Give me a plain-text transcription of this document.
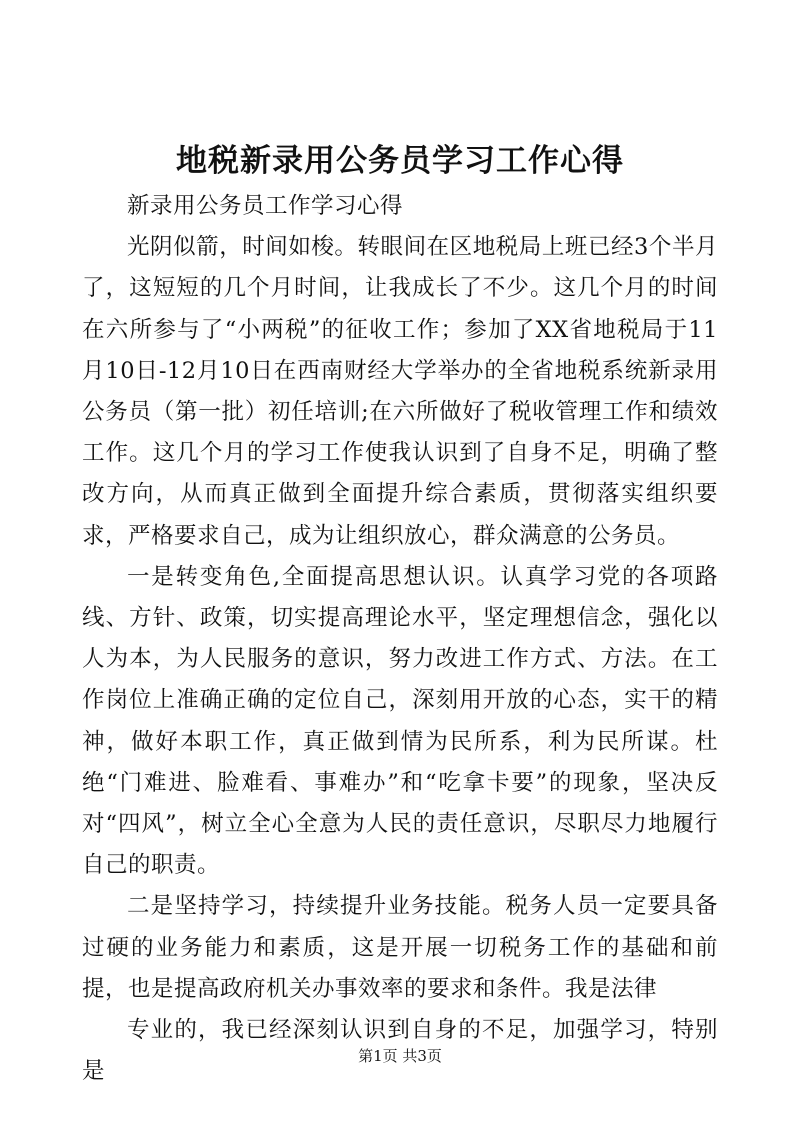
地税新录用公务员学习工作心得

新录用公务员工作学习心得

光阴似箭，时间如梭。转眼间在区地税局上班已经3个半月了，这短短的几个月时间，让我成长了不少。这几个月的时间在六所参与了“小两税”的征收工作；参加了XX省地税局于11月10日-12月10日在西南财经大学举办的全省地税系统新录用公务员（第一批）初任培训;在六所做好了税收管理工作和绩效工作。这几个月的学习工作使我认识到了自身不足，明确了整改方向，从而真正做到全面提升综合素质，贯彻落实组织要求，严格要求自己，成为让组织放心，群众满意的公务员。

一是转变角色,全面提高思想认识。认真学习党的各项路线、方针、政策，切实提高理论水平，坚定理想信念，强化以人为本，为人民服务的意识，努力改进工作方式、方法。在工作岗位上准确正确的定位自己，深刻用开放的心态，实干的精神，做好本职工作，真正做到情为民所系，利为民所谋。杜绝“门难进、脸难看、事难办”和“吃拿卡要”的现象，坚决反对“四风”，树立全心全意为人民的责任意识，尽职尽力地履行自己的职责。

二是坚持学习，持续提升业务技能。税务人员一定要具备过硬的业务能力和素质，这是开展一切税务工作的基础和前提，也是提高政府机关办事效率的要求和条件。我是法律

专业的，我已经深刻认识到自身的不足，加强学习，特别是

第1页 共3页
